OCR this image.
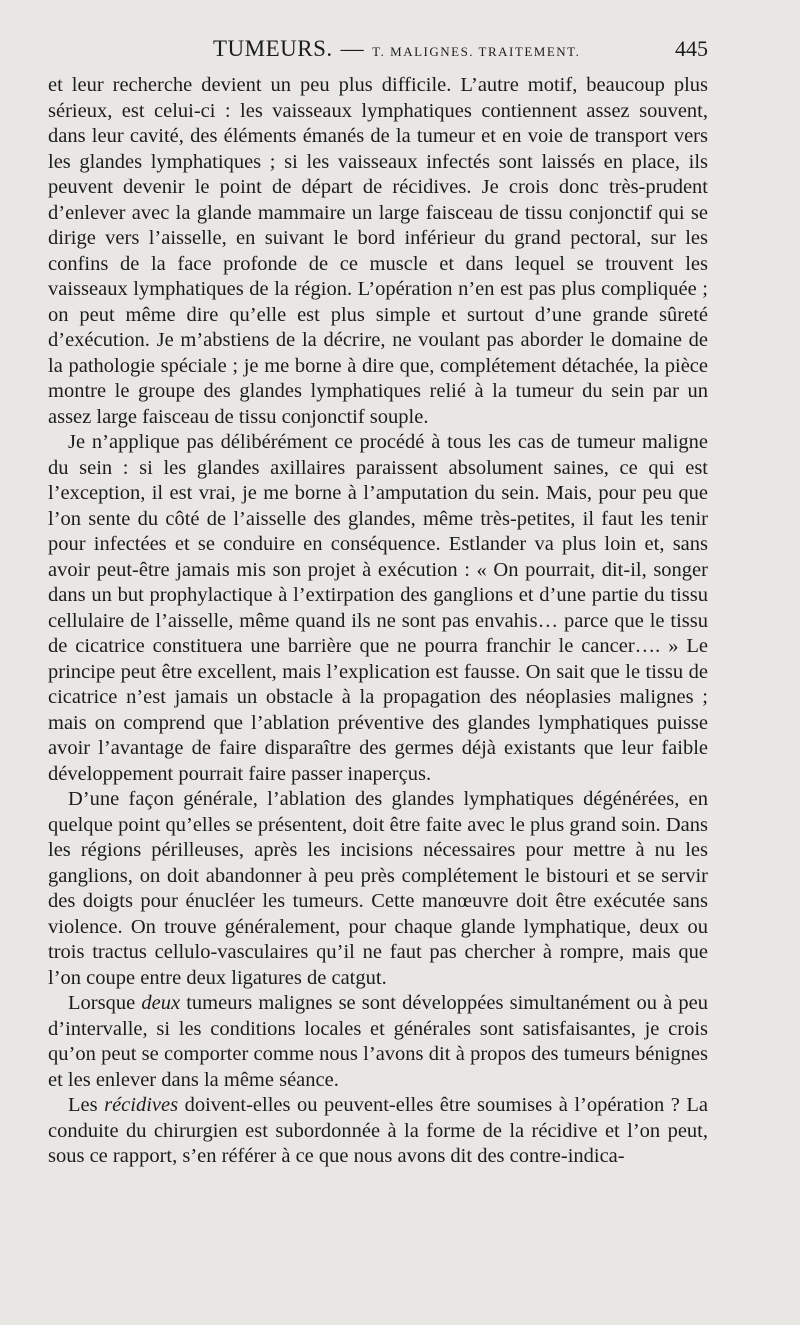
TUMEURS. — T. MALIGNES. TRAITEMENT.	445

et leur recherche devient un peu plus difficile. L’autre motif, beaucoup plus sérieux, est celui-ci : les vaisseaux lymphatiques contiennent assez souvent, dans leur cavité, des éléments émanés de la tumeur et en voie de transport vers les glandes lymphatiques ; si les vaisseaux infectés sont laissés en place, ils peuvent devenir le point de départ de récidives. Je crois donc très-prudent d’enlever avec la glande mammaire un large faisceau de tissu conjonctif qui se dirige vers l’aisselle, en suivant le bord inférieur du grand pectoral, sur les confins de la face profonde de ce muscle et dans lequel se trouvent les vaisseaux lymphatiques de la région. L’opération n’en est pas plus compliquée ; on peut même dire qu’elle est plus simple et surtout d’une grande sûreté d’exécution. Je m’abstiens de la décrire, ne voulant pas aborder le domaine de la pathologie spéciale ; je me borne à dire que, complétement détachée, la pièce montre le groupe des glandes lymphatiques relié à la tumeur du sein par un assez large faisceau de tissu conjonctif souple.

Je n’applique pas délibérément ce procédé à tous les cas de tumeur maligne du sein : si les glandes axillaires paraissent absolument saines, ce qui est l’exception, il est vrai, je me borne à l’amputation du sein. Mais, pour peu que l’on sente du côté de l’aisselle des glandes, même très-petites, il faut les tenir pour infectées et se conduire en conséquence. Estlander va plus loin et, sans avoir peut-être jamais mis son projet à exécution : « On pourrait, dit-il, songer dans un but prophylactique à l’extirpation des ganglions et d’une partie du tissu cellulaire de l’aisselle, même quand ils ne sont pas envahis… parce que le tissu de cicatrice constituera une barrière que ne pourra franchir le cancer…. » Le principe peut être excellent, mais l’explication est fausse. On sait que le tissu de cicatrice n’est jamais un obstacle à la propagation des néoplasies malignes ; mais on comprend que l’ablation préventive des glandes lymphatiques puisse avoir l’avantage de faire disparaître des germes déjà existants que leur faible développement pourrait faire passer inaperçus.

D’une façon générale, l’ablation des glandes lymphatiques dégénérées, en quelque point qu’elles se présentent, doit être faite avec le plus grand soin. Dans les régions périlleuses, après les incisions nécessaires pour mettre à nu les ganglions, on doit abandonner à peu près complétement le bistouri et se servir des doigts pour énucléer les tumeurs. Cette manœuvre doit être exécutée sans violence. On trouve généralement, pour chaque glande lymphatique, deux ou trois tractus cellulo-vasculaires qu’il ne faut pas chercher à rompre, mais que l’on coupe entre deux ligatures de catgut.

Lorsque deux tumeurs malignes se sont développées simultanément ou à peu d’intervalle, si les conditions locales et générales sont satisfaisantes, je crois qu’on peut se comporter comme nous l’avons dit à propos des tumeurs bénignes et les enlever dans la même séance.

Les récidives doivent-elles ou peuvent-elles être soumises à l’opération ? La conduite du chirurgien est subordonnée à la forme de la récidive et l’on peut, sous ce rapport, s’en référer à ce que nous avons dit des contre-indica-
